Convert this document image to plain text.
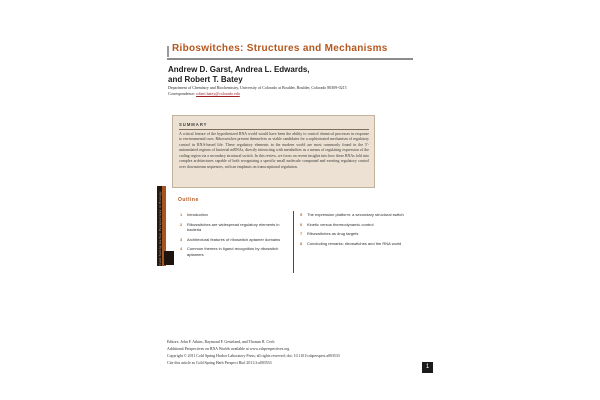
Riboswitches: Structures and Mechanisms
Andrew D. Garst, Andrea L. Edwards,
and Robert T. Batey
Department of Chemistry and Biochemistry, University of Colorado at Boulder, Boulder, Colorado 80309-0215
Correspondence: robert.batey@colorado.edu
SUMMARY
A critical feature of the hypothesized RNA world would have been the ability to control chemical processes in response to environmental cues. Riboswitches present themselves as viable candidates for a sophisticated mechanism of regulatory control in RNA-based life. These regulatory elements in the modern world are most commonly found in the 5'-untranslated regions of bacterial mRNAs, directly interacting with metabolites as a means of regulating expression of the coding region via a secondary structural switch. In this review, we focus on recent insights into how these RNAs fold into complex architectures capable of both recognizing a specific small molecule compound and exerting regulatory control over downstream sequences, with an emphasis on transcriptional regulation.
Cold Spring Harbor Perspectives in Biology	Outline
1	Introduction
2	Riboswitches are widespread regulatory elements in bacteria
3	Architectural features of riboswitch aptamer domains
4	Common themes in ligand recognition by riboswitch aptamers
5	The expression platform: a secondary structural switch
6	Kinetic versus thermodynamic control
7	Riboswitches as drug targets
8	Concluding remarks: riboswitches and the RNA world
Editors: John F. Atkins, Raymond F. Gesteland, and Thomas R. Cech
Additional Perspectives on RNA Worlds available at www.cshperspectives.org
Copyright © 2011 Cold Spring Harbor Laboratory Press; all rights reserved; doi: 10.1101/cshperspect.a003533
Cite this article as Cold Spring Harb Perspect Biol 2011;3:a003533
1
